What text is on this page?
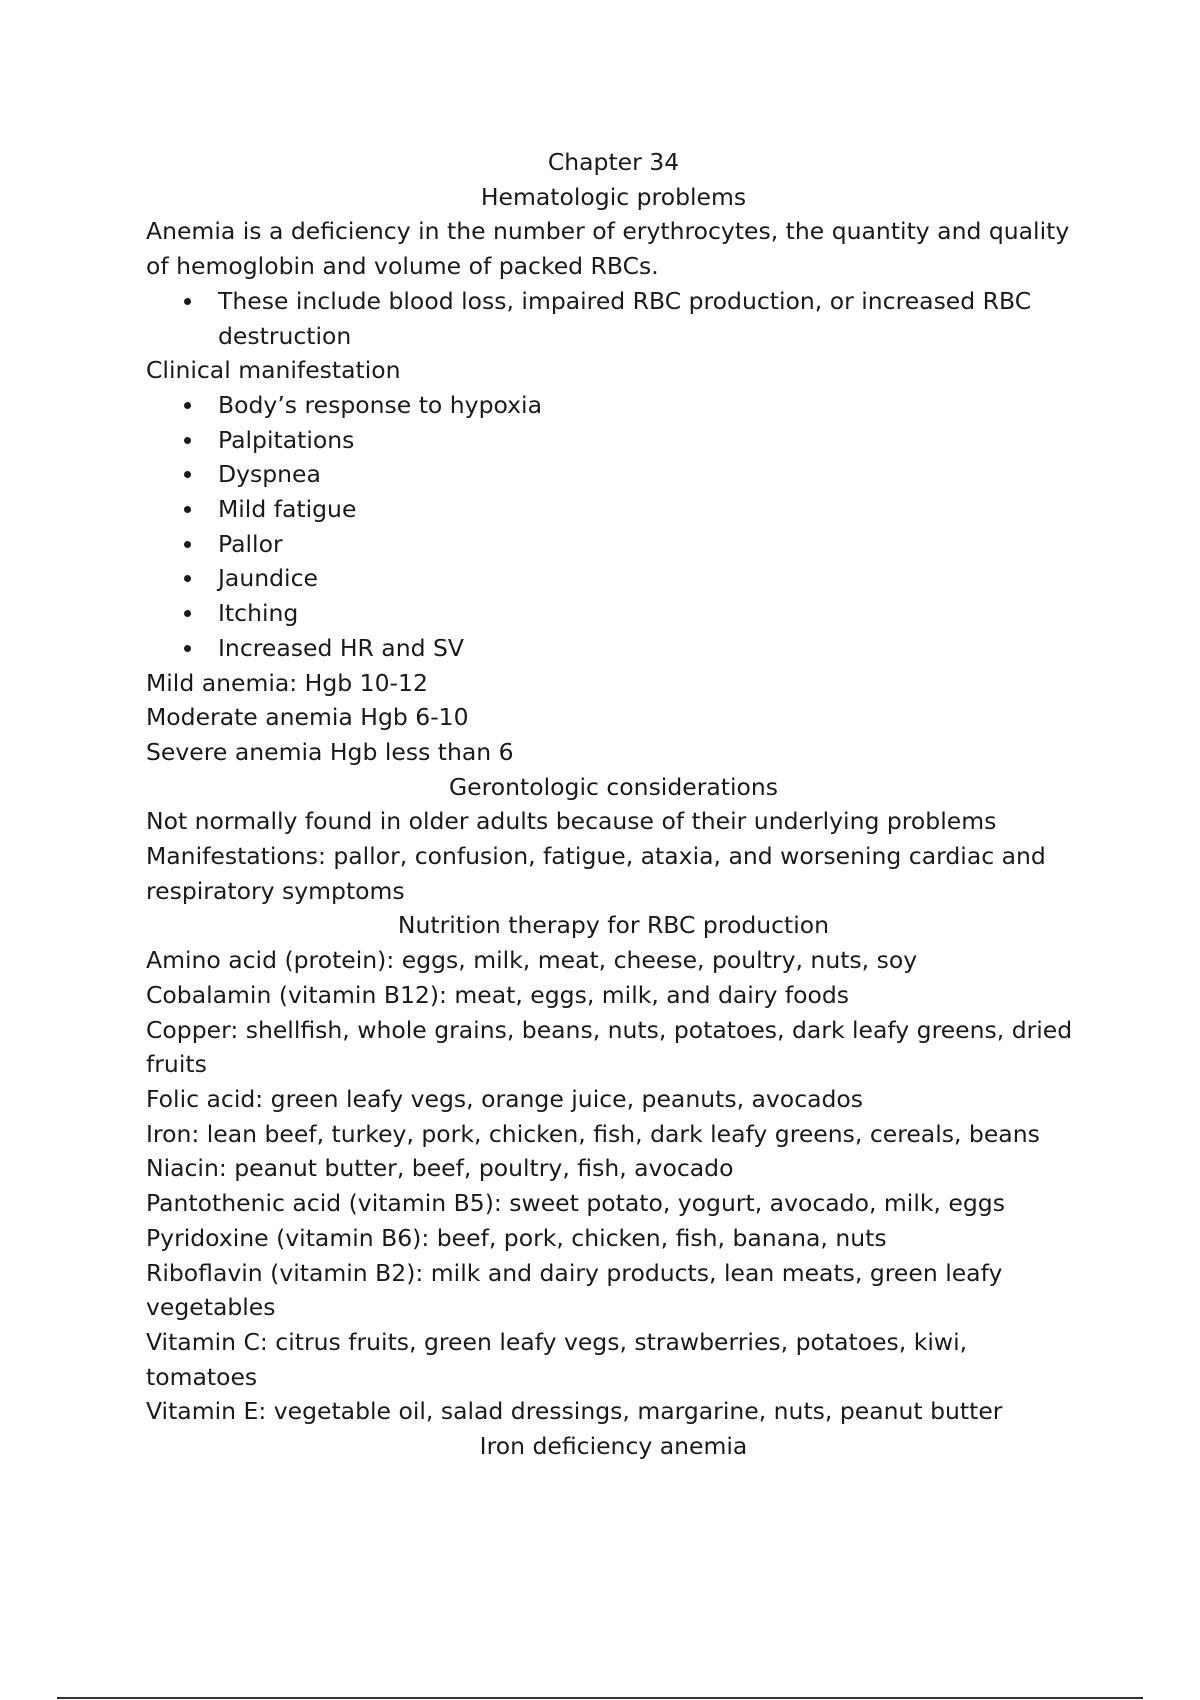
Chapter 34

Hematologic problems

Anemia is a deficiency in the number of erythrocytes, the quantity and quality of hemoglobin and volume of packed RBCs.

These include blood loss, impaired RBC production, or increased RBC destruction

Clinical manifestation

Body’s response to hypoxia
Palpitations
Dyspnea
Mild fatigue
Pallor
Jaundice
Itching
Increased HR and SV

Mild anemia: Hgb 10-12

Moderate anemia Hgb 6-10

Severe anemia Hgb less than 6

Gerontologic considerations

Not normally found in older adults because of their underlying problems

Manifestations: pallor, confusion, fatigue, ataxia, and worsening cardiac and respiratory symptoms

Nutrition therapy for RBC production

Amino acid (protein): eggs, milk, meat, cheese, poultry, nuts, soy

Cobalamin (vitamin B12): meat, eggs, milk, and dairy foods

Copper: shellfish, whole grains, beans, nuts, potatoes, dark leafy greens, dried fruits

Folic acid: green leafy vegs, orange juice, peanuts, avocados

Iron: lean beef, turkey, pork, chicken, fish, dark leafy greens, cereals, beans

Niacin: peanut butter, beef, poultry, fish, avocado

Pantothenic acid (vitamin B5): sweet potato, yogurt, avocado, milk, eggs

Pyridoxine (vitamin B6): beef, pork, chicken, fish, banana, nuts

Riboflavin (vitamin B2): milk and dairy products, lean meats, green leafy vegetables

Vitamin C: citrus fruits, green leafy vegs, strawberries, potatoes, kiwi, tomatoes

Vitamin E: vegetable oil, salad dressings, margarine, nuts, peanut butter

Iron deficiency anemia
